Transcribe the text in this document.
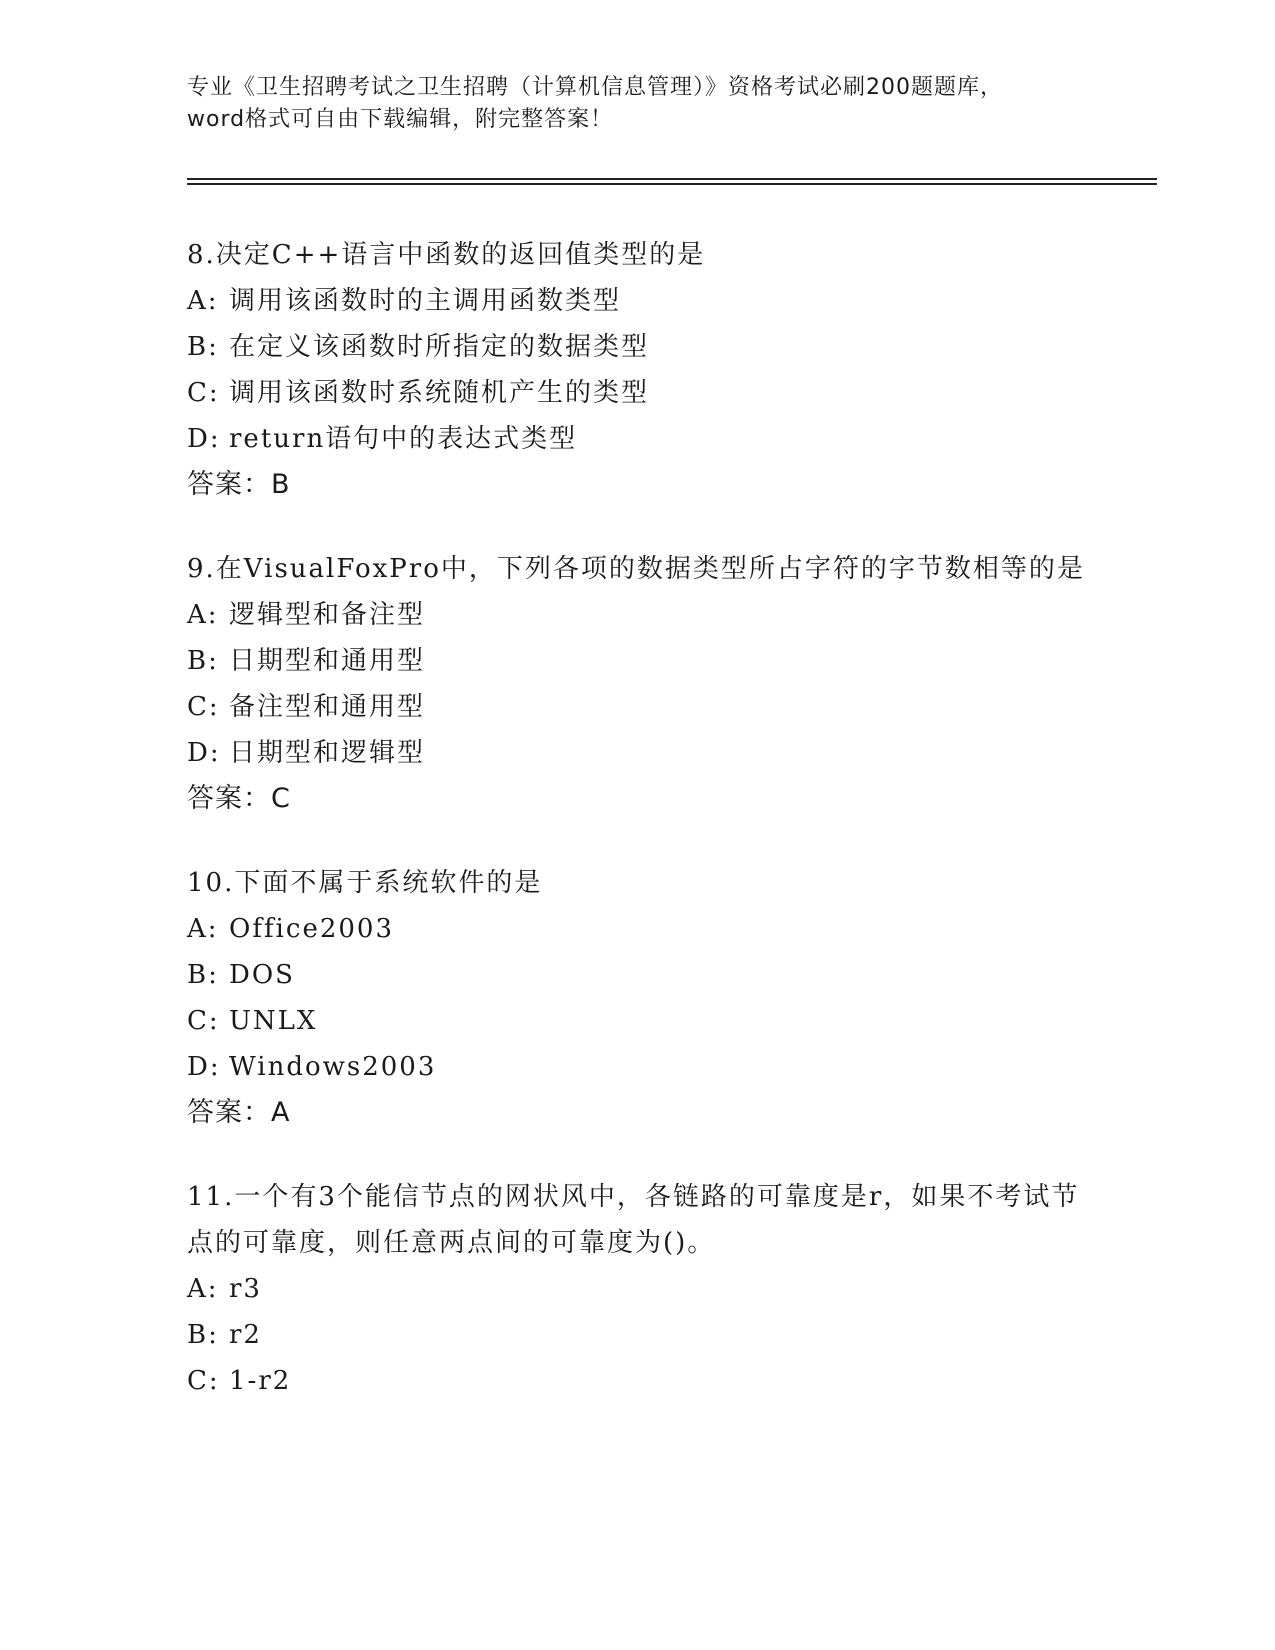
专业《卫生招聘考试之卫生招聘（计算机信息管理）》资格考试必刷200题题库，

word格式可自由下载编辑，附完整答案！

8.决定C++语言中函数的返回值类型的是

A: 调用该函数时的主调用函数类型

B: 在定义该函数时所指定的数据类型

C: 调用该函数时系统随机产生的类型

D: return语句中的表达式类型

答案：B

9.在VisualFoxPro中，下列各项的数据类型所占字符的字节数相等的是

A: 逻辑型和备注型

B: 日期型和通用型

C: 备注型和通用型

D: 日期型和逻辑型

答案：C

10.下面不属于系统软件的是

A: Office2003

B: DOS

C: UNLX

D: Windows2003

答案：A

11.一个有3个能信节点的网状风中，各链路的可靠度是r，如果不考试节点的可靠度，则任意两点间的可靠度为()。

A: r3

B: r2

C: 1-r2
